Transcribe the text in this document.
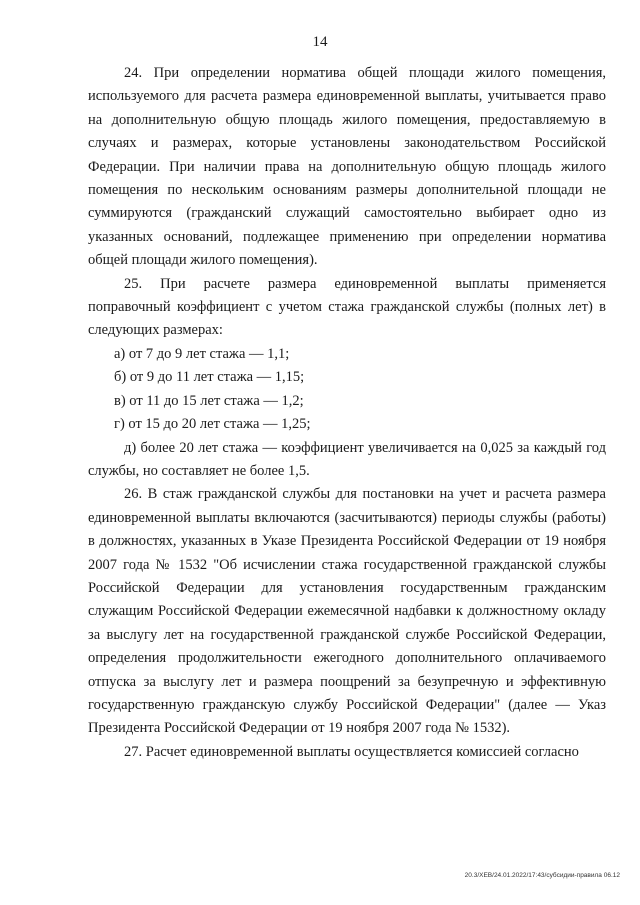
14

24. При определении норматива общей площади жилого помещения, используемого для расчета размера единовременной выплаты, учитывается право на дополнительную общую площадь жилого помещения, предоставляемую в случаях и размерах, которые установлены законодательством Российской Федерации. При наличии права на дополнительную общую площадь жилого помещения по нескольким основаниям размеры дополнительной площади не суммируются (гражданский служащий самостоятельно выбирает одно из указанных оснований, подлежащее применению при определении норматива общей площади жилого помещения).

25. При расчете размера единовременной выплаты применяется поправочный коэффициент с учетом стажа гражданской службы (полных лет) в следующих размерах:

а) от 7 до 9 лет стажа — 1,1;

б) от 9 до 11 лет стажа — 1,15;

в) от 11 до 15 лет стажа — 1,2;

г) от 15 до 20 лет стажа — 1,25;

д) более 20 лет стажа — коэффициент увеличивается на 0,025 за каждый год службы, но составляет не более 1,5.

26. В стаж гражданской службы для постановки на учет и расчета размера единовременной выплаты включаются (засчитываются) периоды службы (работы) в должностях, указанных в Указе Президента Российской Федерации от 19 ноября 2007 года № 1532 "Об исчислении стажа государственной гражданской службы Российской Федерации для установления государственным гражданским служащим Российской Федерации ежемесячной надбавки к должностному окладу за выслугу лет на государственной гражданской службе Российской Федерации, определения продолжительности ежегодного дополнительного оплачиваемого отпуска за выслугу лет и размера поощрений за безупречную и эффективную государственную гражданскую службу Российской Федерации" (далее — Указ Президента Российской Федерации от 19 ноября 2007 года № 1532).

27. Расчет единовременной выплаты осуществляется комиссией согласно

20.3/ХЕВ/24.01.2022/17:43/субсидии-правила 06.12
